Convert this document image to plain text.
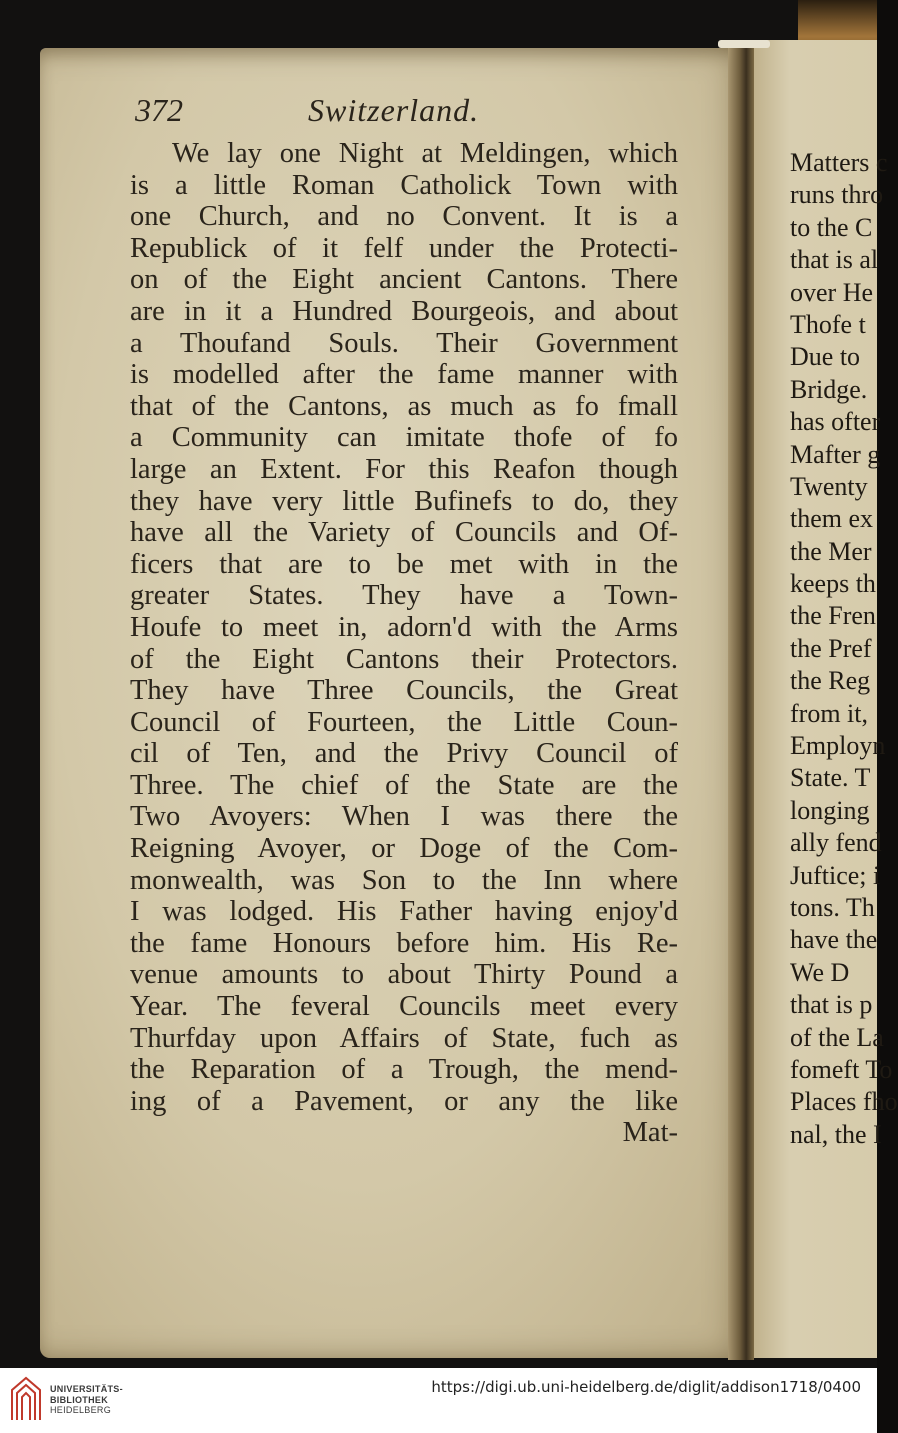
372	Switzerland.
We lay one Night at Meldingen, which
is a little Roman Catholick Town with
one Church, and no Convent. It is a
Republick of it felf under the Protecti-
on of the Eight ancient Cantons. There
are in it a Hundred Bourgeois, and about
a Thoufand Souls. Their Government
is modelled after the fame manner with
that of the Cantons, as much as fo fmall
a Community can imitate thofe of fo
large an Extent. For this Reafon though
they have very little Bufinefs to do, they
have all the Variety of Councils and Of-
ficers that are to be met with in the
greater States. They have a Town-
Houfe to meet in, adorn'd with the Arms
of the Eight Cantons their Protectors.
They have Three Councils, the Great
Council of Fourteen, the Little Coun-
cil of Ten, and the Privy Council of
Three. The chief of the State are the
Two Avoyers: When I was there the
Reigning Avoyer, or Doge of the Com-
monwealth, was Son to the Inn where
I was lodged. His Father having enjoy'd
the fame Honours before him. His Re-
venue amounts to about Thirty Pound a
Year. The feveral Councils meet every
Thurfday upon Affairs of State, fuch as
the Reparation of a Trough, the mend-
ing of a Pavement, or any the like
Mat-
Matters c
runs thro
to the C
that is al
over He
Thofe t
Due to
Bridge.
has ofter
Mafter g
Twenty
them ex
the Mer
keeps th
the Fren
the Pref
the Reg
from it,
Employn
State. T
longing
ally fend
Juftice; i
tons. Th
have the
We D
that is p
of the La
fomeft To
Places fho
nal, the I
UNIVERSITÄTS-
BIBLIOTHEK
HEIDELBERG
https://digi.ub.uni-heidelberg.de/diglit/addison1718/0400
